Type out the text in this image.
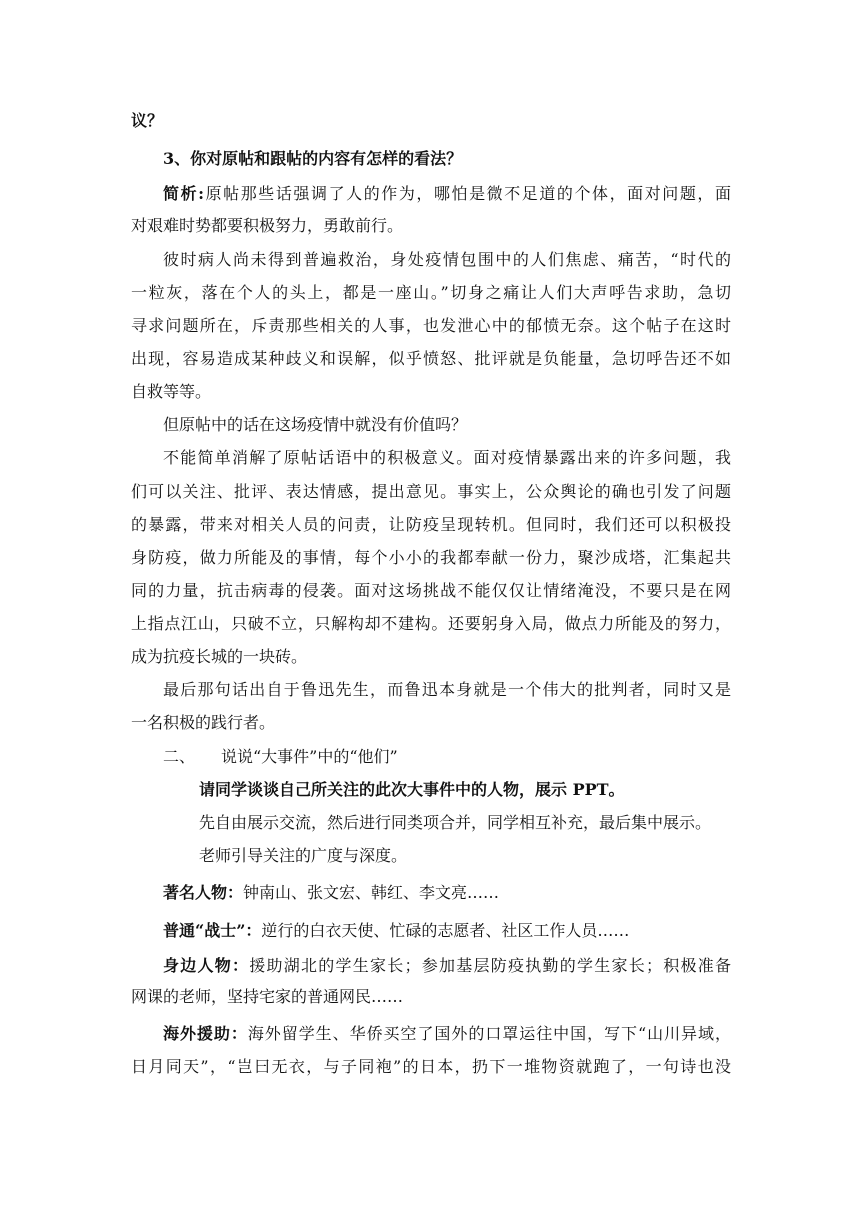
议？
3、你对原帖和跟帖的内容有怎样的看法？
简析:原帖那些话强调了人的作为，哪怕是微不足道的个体，面对问题，面
对艰难时势都要积极努力，勇敢前行。
彼时病人尚未得到普遍救治，身处疫情包围中的人们焦虑、痛苦，“时代的
一粒灰，落在个人的头上，都是一座山。”切身之痛让人们大声呼告求助，急切
寻求问题所在，斥责那些相关的人事，也发泄心中的郁愤无奈。这个帖子在这时
出现，容易造成某种歧义和误解，似乎愤怒、批评就是负能量，急切呼告还不如
自救等等。
但原帖中的话在这场疫情中就没有价值吗？
不能简单消解了原帖话语中的积极意义。面对疫情暴露出来的许多问题，我
们可以关注、批评、表达情感，提出意见。事实上，公众舆论的确也引发了问题
的暴露，带来对相关人员的问责，让防疫呈现转机。但同时，我们还可以积极投
身防疫，做力所能及的事情，每个小小的我都奉献一份力，聚沙成塔，汇集起共
同的力量，抗击病毒的侵袭。面对这场挑战不能仅仅让情绪淹没，不要只是在网
上指点江山，只破不立，只解构却不建构。还要躬身入局，做点力所能及的努力，
成为抗疫长城的一块砖。
最后那句话出自于鲁迅先生，而鲁迅本身就是一个伟大的批判者，同时又是
一名积极的践行者。
二、 说说“大事件”中的“他们”
请同学谈谈自己所关注的此次大事件中的人物，展示 PPT。
先自由展示交流，然后进行同类项合并，同学相互补充，最后集中展示。
老师引导关注的广度与深度。
著名人物：钟南山、张文宏、韩红、李文亮……
普通“战士”：逆行的白衣天使、忙碌的志愿者、社区工作人员……
身边人物：援助湖北的学生家长；参加基层防疫执勤的学生家长；积极准备
网课的老师，坚持宅家的普通网民……
海外援助：海外留学生、华侨买空了国外的口罩运往中国，写下“山川异域，
日月同天”，“岂曰无衣，与子同袍”的日本，扔下一堆物资就跑了，一句诗也没
